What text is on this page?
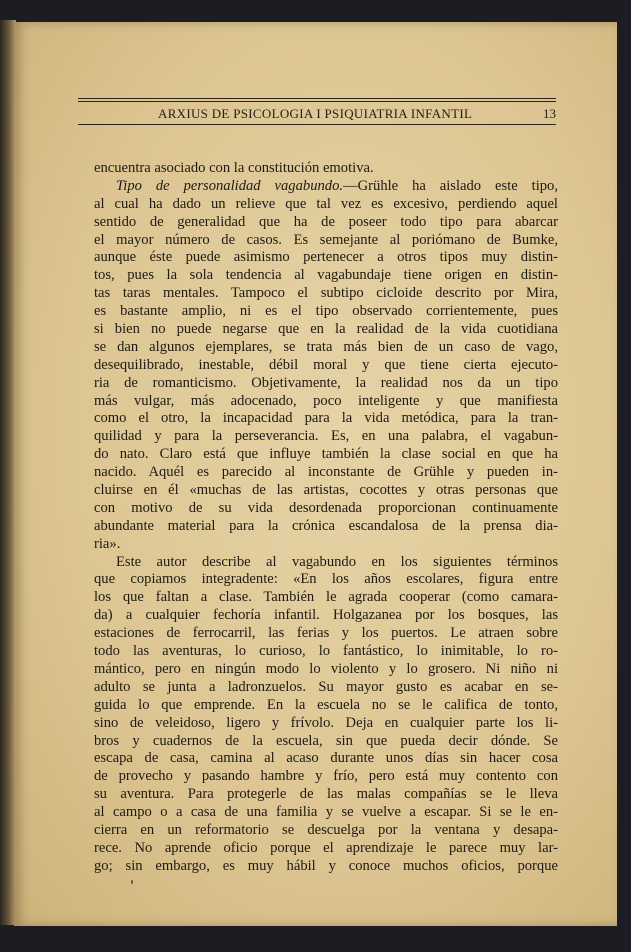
ARXIUS DE PSICOLOGIA I PSIQUIATRIA INFANTIL	13
encuentra asociado con la constitución emotiva.
Tipo de personalidad vagabundo.—Grühle ha aislado este tipo,
al cual ha dado un relieve que tal vez es excesivo, perdiendo aquel
sentido de generalidad que ha de poseer todo tipo para abarcar
el mayor número de casos. Es semejante al poriómano de Bumke,
aunque éste puede asimismo pertenecer a otros tipos muy distin-
tos, pues la sola tendencia al vagabundaje tiene origen en distin-
tas taras mentales. Tampoco el subtipo cicloide descrito por Mira,
es bastante amplio, ni es el tipo observado corrientemente, pues
si bien no puede negarse que en la realidad de la vida cuotidiana
se dan algunos ejemplares, se trata más bien de un caso de vago,
desequilibrado, inestable, débil moral y que tiene cierta ejecuto-
ria de romanticismo. Objetivamente, la realidad nos da un tipo
más vulgar, más adocenado, poco inteligente y que manifiesta
como el otro, la incapacidad para la vida metódica, para la tran-
quilidad y para la perseverancia. Es, en una palabra, el vagabun-
do nato. Claro está que influye también la clase social en que ha
nacido. Aquél es parecido al inconstante de Grühle y pueden in-
cluirse en él «muchas de las artistas, cocottes y otras personas que
con motivo de su vida desordenada proporcionan continuamente
abundante material para la crónica escandalosa de la prensa dia-
ria».
Este autor describe al vagabundo en los siguientes términos
que copiamos integradente: «En los años escolares, figura entre
los que faltan a clase. También le agrada cooperar (como camara-
da) a cualquier fechoría infantil. Holgazanea por los bosques, las
estaciones de ferrocarril, las ferias y los puertos. Le atraen sobre
todo las aventuras, lo curioso, lo fantástico, lo inimitable, lo ro-
mántico, pero en ningún modo lo violento y lo grosero. Ni niño ni
adulto se junta a ladronzuelos. Su mayor gusto es acabar en se-
guida lo que emprende. En la escuela no se le califica de tonto,
sino de veleidoso, ligero y frívolo. Deja en cualquier parte los li-
bros y cuadernos de la escuela, sin que pueda decir dónde. Se
escapa de casa, camina al acaso durante unos días sin hacer cosa
de provecho y pasando hambre y frío, pero está muy contento con
su aventura. Para protegerle de las malas compañías se le lleva
al campo o a casa de una familia y se vuelve a escapar. Si se le en-
cierra en un reformatorio se descuelga por la ventana y desapa-
rece. No aprende oficio porque el aprendizaje le parece muy lar-
go; sin embargo, es muy hábil y conoce muchos oficios, porque
